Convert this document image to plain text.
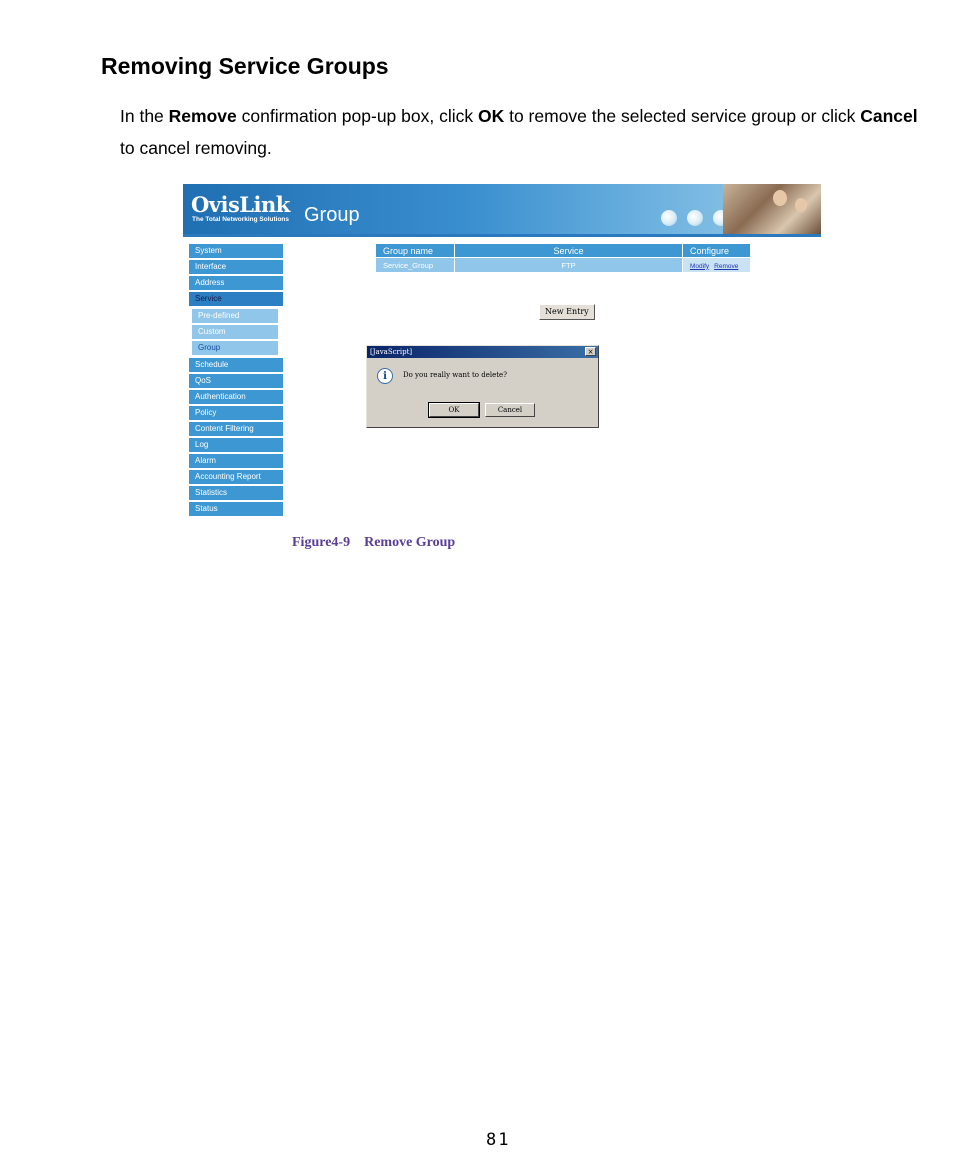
Removing Service Groups

In the Remove confirmation pop-up box, click OK to remove the selected service group or click Cancel to cancel removing.

OvisLink
The Total Networking Solutions Group
System
Interface
Address
Service
Pre-defined
Custom
Group
Schedule
QoS
Authentication
Policy
Content Filtering
Log
Alarm
Accounting Report
Statistics
Status
Group name	Service	Configure
Service_Group	FTP	Modify Remove
New Entry
[JavaScript]	×
i	Do you really want to delete?
OK	Cancel
Figure4-9 Remove Group
81
